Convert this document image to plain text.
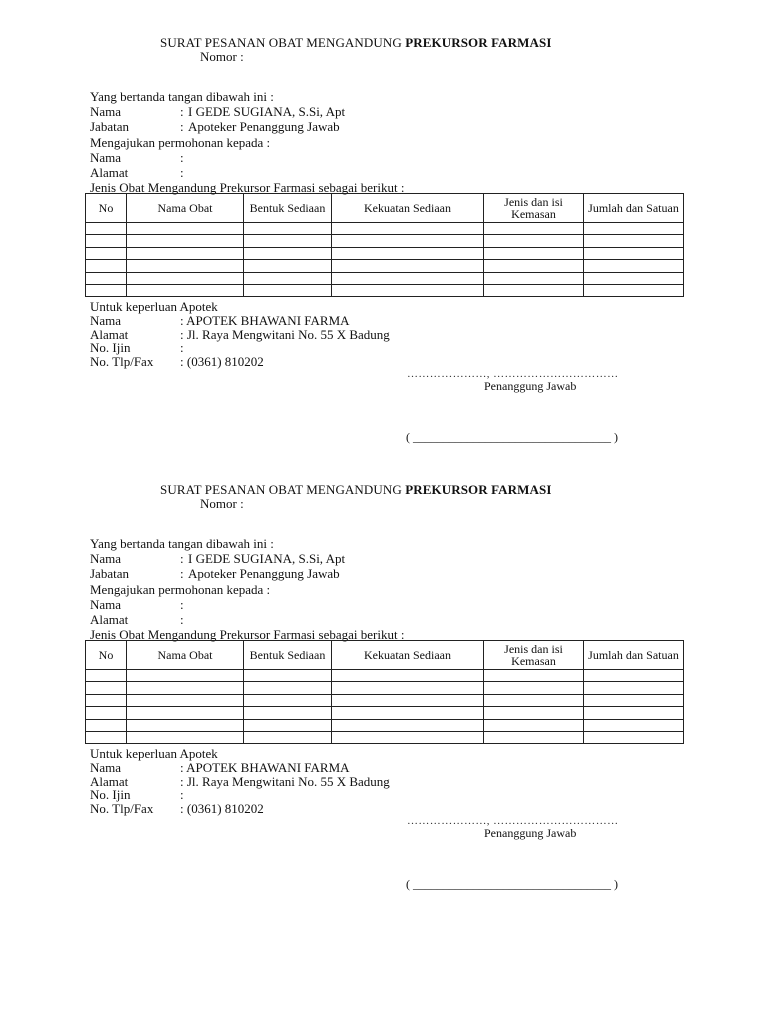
SURAT PESANAN OBAT MENGANDUNG PREKURSOR FARMASI
Nomor :
Yang bertanda tangan dibawah ini :
Nama	: I GEDE SUGIANA, S.Si, Apt
Jabatan	: Apoteker Penanggung Jawab
Mengajukan permohonan kepada :
Nama	:
Alamat	:
Jenis Obat Mengandung Prekursor Farmasi sebagai berikut :
No	Nama Obat	Bentuk Sediaan	Kekuatan Sediaan	Jenis dan isi Kemasan	Jumlah dan Satuan

Untuk keperluan Apotek
Nama	: APOTEK BHAWANI FARMA
Alamat	: Jl. Raya Mengwitani No. 55 X Badung
No. Ijin	:
No. Tlp/Fax	: (0361) 810202
…………………, ……………………………
Penanggung Jawab
( _________________________________ )
SURAT PESANAN OBAT MENGANDUNG PREKURSOR FARMASI
Nomor :
Yang bertanda tangan dibawah ini :
Nama	: I GEDE SUGIANA, S.Si, Apt
Jabatan	: Apoteker Penanggung Jawab
Mengajukan permohonan kepada :
Nama	:
Alamat	:
Jenis Obat Mengandung Prekursor Farmasi sebagai berikut :
No	Nama Obat	Bentuk Sediaan	Kekuatan Sediaan	Jenis dan isi Kemasan	Jumlah dan Satuan

Untuk keperluan Apotek
Nama	: APOTEK BHAWANI FARMA
Alamat	: Jl. Raya Mengwitani No. 55 X Badung
No. Ijin	:
No. Tlp/Fax	: (0361) 810202
…………………, ……………………………
Penanggung Jawab
( _________________________________ )
